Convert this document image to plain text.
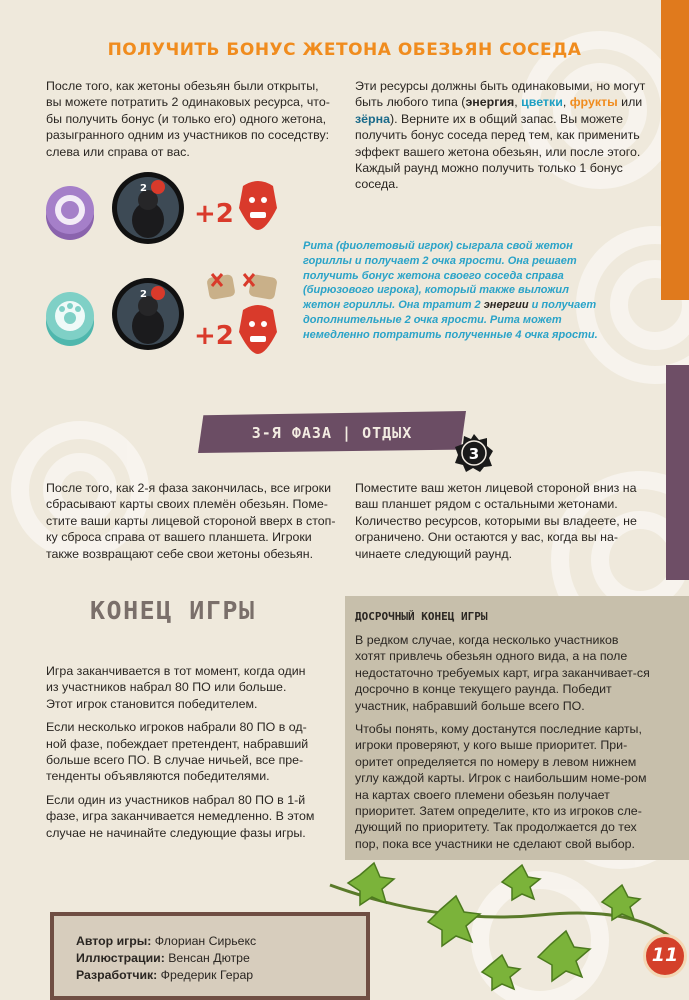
ПОЛУЧИТЬ БОНУС ЖЕТОНА ОБЕЗЬЯН СОСЕДА

После того, как жетоны обезьян были открыты, вы можете потратить 2 одинаковых ресурса, что-бы получить бонус (и только его) одного жетона, разыгранного одним из участников по соседству: слева или справа от вас.

Эти ресурсы должны быть одинаковыми, но могут быть любого типа (энергия, цветки, фрукты или зёрна). Верните их в общий запас. Вы можете получить бонус соседа перед тем, как применить эффект вашего жетона обезьян, или после этого. Каждый раунд можно получить только 1 бонус соседа.

2
+2
2
+2
Рита (фиолетовый игрок) сыграла свой жетон гориллы и получает 2 очка ярости. Она решает получить бонус жетона своего соседа справа (бирюзового игрока), который также выложил жетон гориллы. Она тратит 2 энергии и получает дополнительные 2 очка ярости. Рита может немедленно потратить полученные 4 очка ярости.
3-Я ФАЗА | ОТДЫХ
3

После того, как 2-я фаза закончилась, все игроки сбрасывают карты своих племён обезьян. Поме-стите ваши карты лицевой стороной вверх в стоп-ку сброса справа от вашего планшета. Игроки также возвращают себе свои жетоны обезьян.

Поместите ваш жетон лицевой стороной вниз на ваш планшет рядом с остальными жетонами. Количество ресурсов, которыми вы владеете, не ограничено. Они остаются у вас, когда вы на-чинаете следующий раунд.

КОНЕЦ ИГРЫ

Игра заканчивается в тот момент, когда один из участников набрал 80 ПО или больше. Этот игрок становится победителем.

Если несколько игроков набрали 80 ПО в од-ной фазе, побеждает претендент, набравший больше всего ПО. В случае ничьей, все пре-тенденты объявляются победителями.

Если один из участников набрал 80 ПО в 1-й фазе, игра заканчивается немедленно. В этом случае не начинайте следующие фазы игры.

ДОСРОЧНЫЙ КОНЕЦ ИГРЫ

В редком случае, когда несколько участников хотят привлечь обезьян одного вида, а на поле недостаточно требуемых карт, игра заканчивает-ся досрочно в конце текущего раунда. Победит участник, набравший больше всего ПО.

Чтобы понять, кому достанутся последние карты, игроки проверяют, у кого выше приоритет. При-оритет определяется по номеру в левом нижнем углу каждой карты. Игрок с наибольшим номе-ром на картах своего племени обезьян получает приоритет. Затем определите, кто из игроков сле-дующий по приоритету. Так продолжается до тех пор, пока все участники не сделают свой выбор.

Автор игры: Флориан Сирьекс
Иллюстрации: Венсан Дютре
Разработчик: Фредерик Герар
11
